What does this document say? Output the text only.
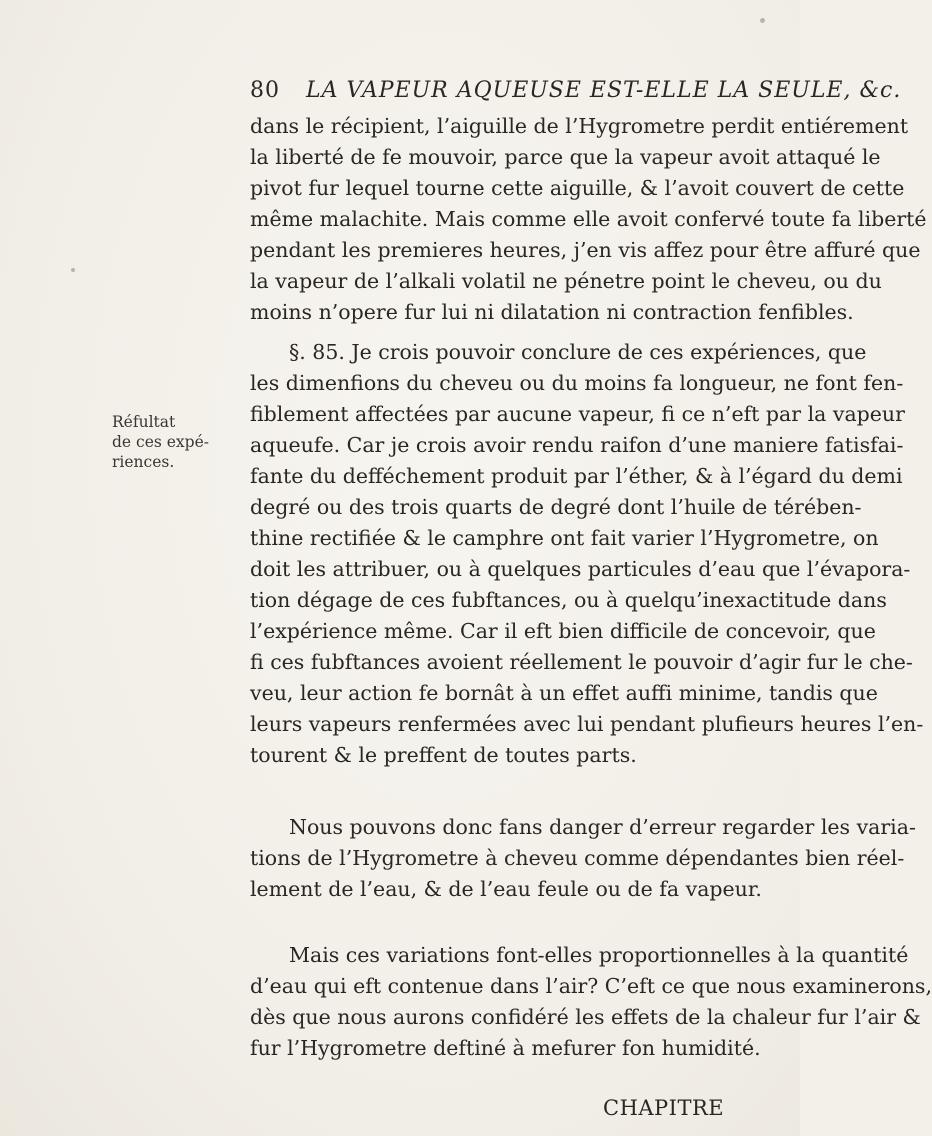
80 LA VAPEUR AQUEUSE EST-ELLE LA SEULE, &c.
Réfultat
de ces expé-
riences.
dans le récipient, l’aiguille de l’Hygrometre perdit entiérement
la liberté de fe mouvoir, parce que la vapeur avoit attaqué le
pivot fur lequel tourne cette aiguille, & l’avoit couvert de cette
même malachite. Mais comme elle avoit confervé toute fa liberté
pendant les premieres heures, j’en vis affez pour être affuré que
la vapeur de l’alkali volatil ne pénetre point le cheveu, ou du
moins n’opere fur lui ni dilatation ni contraction fenfibles.
§. 85. Je crois pouvoir conclure de ces expériences, que
les dimenfions du cheveu ou du moins fa longueur, ne font fen-
fiblement affectées par aucune vapeur, fi ce n’eft par la vapeur
aqueufe. Car je crois avoir rendu raifon d’une maniere fatisfai-
fante du defféchement produit par l’éther, & à l’égard du demi
degré ou des trois quarts de degré dont l’huile de térében-
thine rectifiée & le camphre ont fait varier l’Hygrometre, on
doit les attribuer, ou à quelques particules d’eau que l’évapora-
tion dégage de ces fubftances, ou à quelqu’inexactitude dans
l’expérience même. Car il eft bien difficile de concevoir, que
fi ces fubftances avoient réellement le pouvoir d’agir fur le che-
veu, leur action fe bornât à un effet auffi minime, tandis que
leurs vapeurs renfermées avec lui pendant plufieurs heures l’en-
tourent & le preffent de toutes parts.
Nous pouvons donc fans danger d’erreur regarder les varia-
tions de l’Hygrometre à cheveu comme dépendantes bien réel-
lement de l’eau, & de l’eau feule ou de fa vapeur.
Mais ces variations font-elles proportionnelles à la quantité
d’eau qui eft contenue dans l’air? C’eft ce que nous examinerons,
dès que nous aurons confidéré les effets de la chaleur fur l’air &
fur l’Hygrometre deftiné à mefurer fon humidité.
CHAPITRE
